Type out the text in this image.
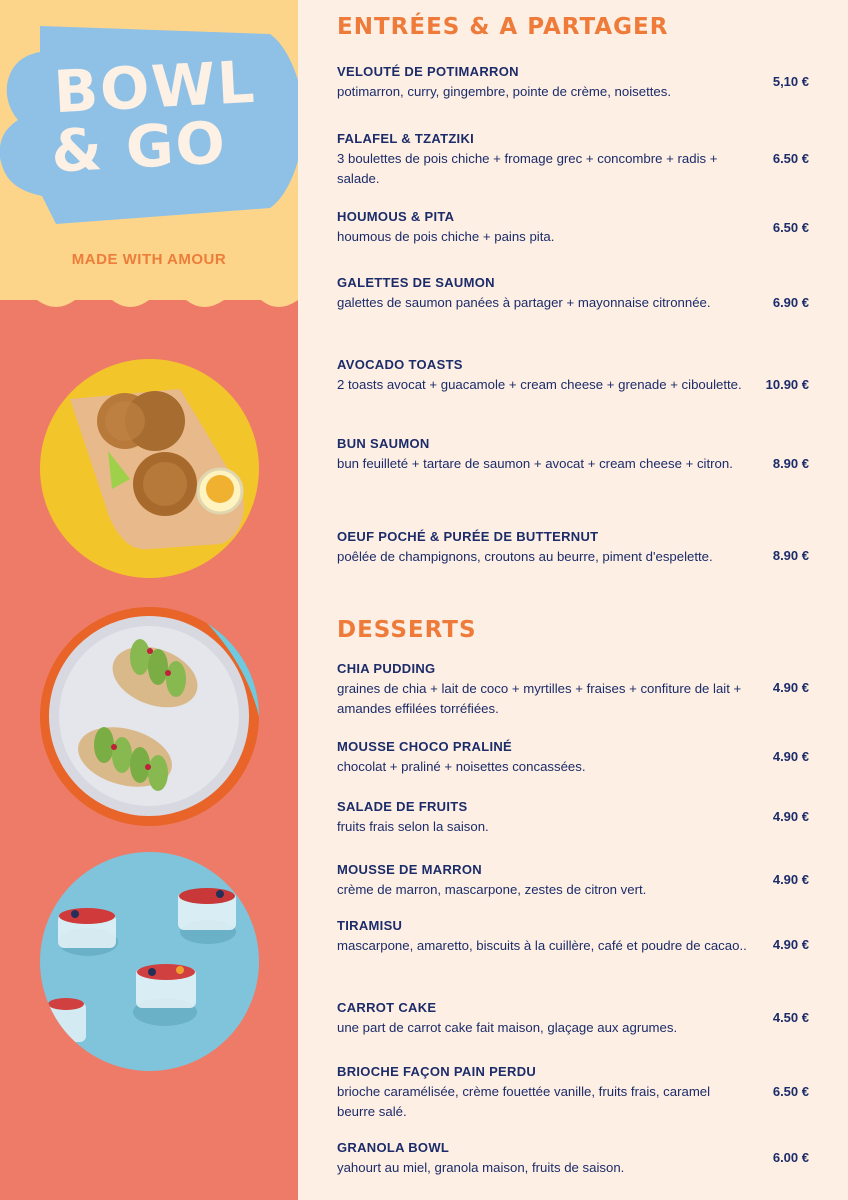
BOWL
& GO
MADE WITH AMOUR
ENTRÉES & A PARTAGER
VELOUTÉ DE POTIMARRON
potimarron, curry, gingembre, pointe de crème, noisettes.
5,10 €
FALAFEL & TZATZIKI
3 boulettes de pois chiche + fromage grec + concombre + radis + salade.
6.50 €
HOUMOUS & PITA
houmous de pois chiche + pains pita.
6.50 €
GALETTES DE SAUMON
galettes de saumon panées à partager + mayonnaise citronnée.	6.90 €
AVOCADO TOASTS
2 toasts avocat + guacamole + cream cheese + grenade + ciboulette.	10.90 €
BUN SAUMON
bun feuilleté + tartare de saumon + avocat + cream cheese + citron.	8.90 €
OEUF POCHÉ & PURÉE DE BUTTERNUT
poêlée de champignons, croutons au beurre, piment d'espelette.	8.90 €
DESSERTS
CHIA PUDDING
graines de chia + lait de coco + myrtilles + fraises + confiture de lait + amandes effilées torréfiées.
4.90 €
MOUSSE CHOCO PRALINÉ
chocolat + praliné + noisettes concassées.
4.90 €
SALADE DE FRUITS
fruits frais selon la saison.
4.90 €
MOUSSE DE MARRON
crème de marron, mascarpone, zestes de citron vert.
4.90 €
TIRAMISU
mascarpone, amaretto, biscuits à la cuillère, café et poudre de cacao..	4.90 €
CARROT CAKE
une part de carrot cake fait maison, glaçage aux agrumes.
4.50 €
BRIOCHE FAÇON PAIN PERDU
brioche caramélisée, crème fouettée vanille, fruits frais, caramel beurre salé.
6.50 €
GRANOLA BOWL
yahourt au miel, granola maison, fruits de saison.
6.00 €
